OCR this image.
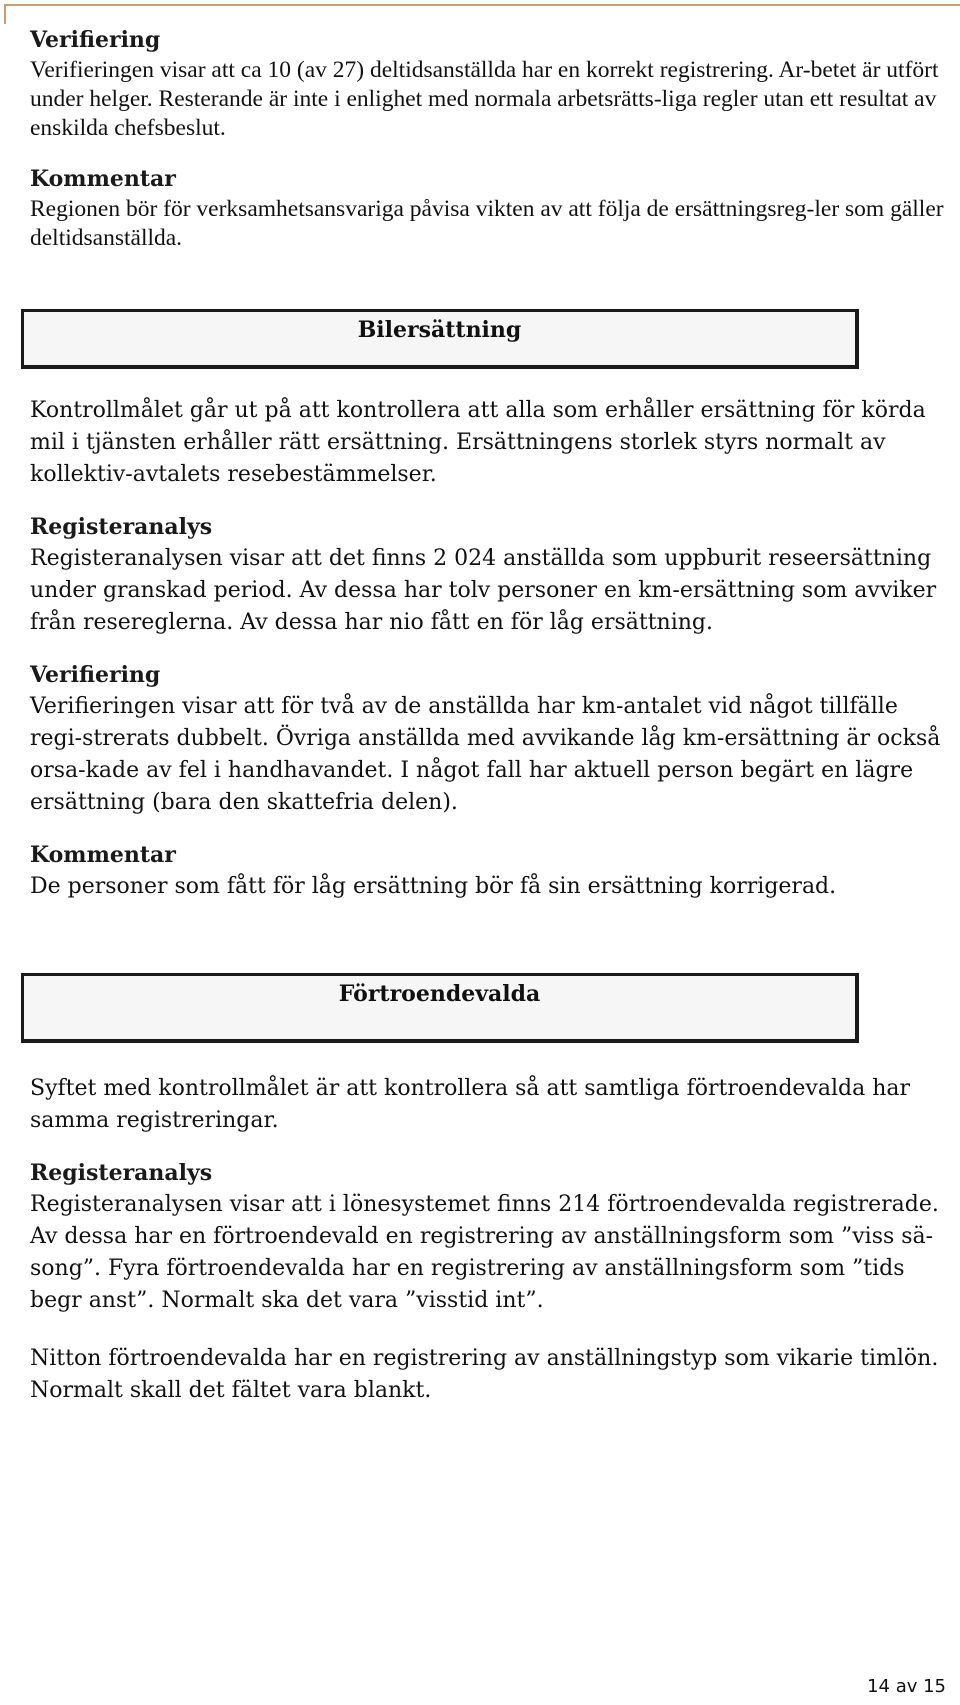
Verifiering

Verifieringen visar att ca 10 (av 27) deltidsanställda har en korrekt registrering. Ar-betet är utfört under helger. Resterande är inte i enlighet med normala arbetsrätts-liga regler utan ett resultat av enskilda chefsbeslut.

Kommentar

Regionen bör för verksamhetsansvariga påvisa vikten av att följa de ersättningsreg-ler som gäller deltidsanställda.

Bilersättning

Kontrollmålet går ut på att kontrollera att alla som erhåller ersättning för körda mil i tjänsten erhåller rätt ersättning. Ersättningens storlek styrs normalt av kollektiv-avtalets resebestämmelser.

Registeranalys

Registeranalysen visar att det finns 2 024 anställda som uppburit reseersättning under granskad period. Av dessa har tolv personer en km-ersättning som avviker från resereglerna. Av dessa har nio fått en för låg ersättning.

Verifiering

Verifieringen visar att för två av de anställda har km-antalet vid något tillfälle regi-strerats dubbelt. Övriga anställda med avvikande låg km-ersättning är också orsa-kade av fel i handhavandet. I något fall har aktuell person begärt en lägre ersättning (bara den skattefria delen).

Kommentar

De personer som fått för låg ersättning bör få sin ersättning korrigerad.

Förtroendevalda

Syftet med kontrollmålet är att kontrollera så att samtliga förtroendevalda har samma registreringar.

Registeranalys

Registeranalysen visar att i lönesystemet finns 214 förtroendevalda registrerade. Av dessa har en förtroendevald en registrering av anställningsform som ”viss sä-song”. Fyra förtroendevalda har en registrering av anställningsform som ”tids begr anst”. Normalt ska det vara ”visstid int”.

Nitton förtroendevalda har en registrering av anställningstyp som vikarie timlön. Normalt skall det fältet vara blankt.

14 av 15
